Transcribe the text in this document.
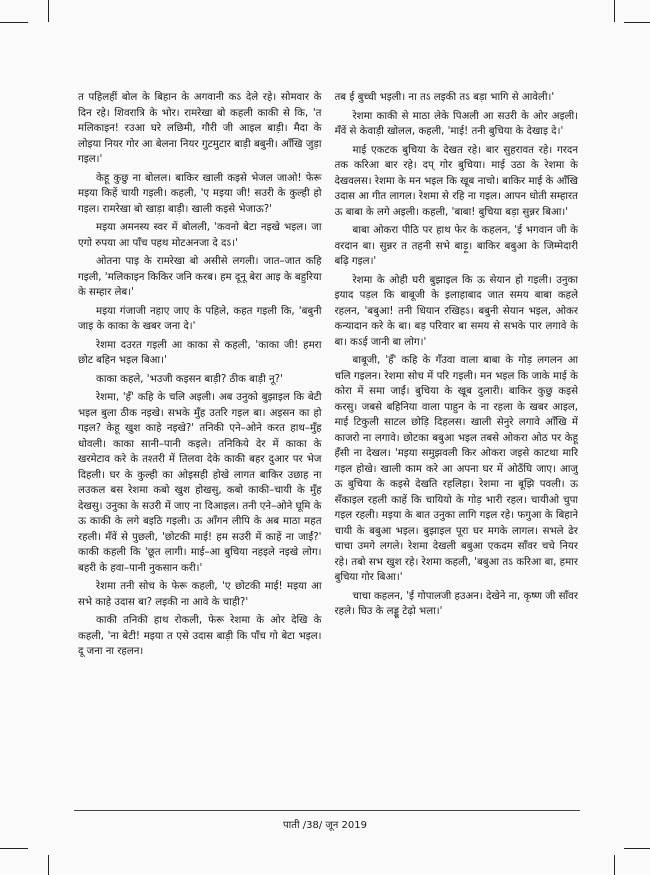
त पहिलहीं बोल के बिहान के अगवानी कऽ देले रहे। सोमवार के दिन रहे। शिवरात्रि के भोर। रामरेखा बो कहली काकी से कि, 'त मलिकाइन! रउआ घरे लछिमी, गौरी जी आइल बाड़ी। मैदा के लोइया नियर गोर आ बेलना नियर गुटमुटार बाड़ी बबुनी। आँखि जुड़ा गइल।'

केहू कुछु ना बोलल। बाकिर खाली कइसे भेजल जाओ! फेरू मइया किहें चायी गइली। कहली, 'ए मइया जी! सउरी के कुल्ही हो गइल। रामरेखा बो खाड़ा बाड़ी। खाली कइसे भेजाऊ?'

मइया अमनस्य स्वर में बोलली, 'कवनो बेटा नइखे भइल। जा एगो रुपया आ पाँच पहथ मोटअनजा दे दऽ।'

ओतना पाइ के रामरेखा बो असीसे लगली। जात–जात कहि गइली, 'मलिकाइन किकिर जनि करब। हम दूनू बेरा आइ के बहुरिया के सम्हार लेब।'

मइया गंजाजी नहाए जाए के पहिले, कहत गइली कि, 'बबुनी जाइ के काका के खबर जना दे।'

रेशमा दउरत गइली आ काका से कहली, 'काका जी! हमरा छोट बहिन भइल बिआ।'

काका कहले, 'भउजी कइसन बाड़ी? ठीक बाड़ी नू?'

रेशमा, 'हँ' कहि के चलि अइली। अब उनुको बुझाइल कि बेटी भइल बुला ठीक नइखे। सभके मुँह उतरि गइल बा। अइसन का हो गइल? केहू खुश काहे नइखे?' तनिकी एने–ओने करत हाथ–मुँह धोवली। काका सानी–पानी कइले। तनिकिये देर में काका के खरमेटाव करे के तश्तरी में तिलवा देके काकी बहर दुआर पर भेज दिहली। घर के कुल्ही का ओइसही होखे लागत बाकिर उछाह ना लउकल बस रेशमा कबो खुश होखसु, कबो काकी–चायी के मुँह देखसु। उनुका के सउरी में जाए ना दिआइल। तनी एने–ओने घूमि के ऊ काकी के लगे बइठि गइली। ऊ आँगन लीपि के अब माठा महत रहली। मँवें से पुछली, 'छोटकी माई! हम सउरी में काहें ना जाईं?' काकी कहली कि 'छूत लागी। माई–आ बुचिया नहइले नइखे लोग। बहरी के हवा–पानी नुकसान करी।'

रेशमा तनी सोच के फेरू कहली, 'ए छोटकी माई! मइया आ सभे काहे उदास बा? लइकी ना आवे के चाही?'

काकी तनिकी हाथ रोकली, फेरू रेशमा के ओर देखि के कहली, 'ना बेटी! मइया त एसे उदास बाड़ी कि पाँच गो बेटा भइल। दू जना ना रहलन।

तब ई बुच्ची भइली। ना तऽ लइकी तऽ बड़ा भागि से आवेली।'

रेशमा काकी से माठा लेके पिअली आ सउरी के ओर अइली। मँवें से केवाड़ी खोलल, कहली, 'माई! तनी बुचिया के देखाइ दे।'

माई एकटक बुचिया के देखत रहे। बार सुहरावत रहे। गरदन तक करिआ बार रहे। दप् गोर बुचिया। माई उठा के रेशमा के देखवलस। रेशमा के मन भइल कि खूब नाचो। बाकिर माई के आँखि उदास आ गीत लागल। रेशमा से रहि ना गइल। आपन धोती सम्हारत ऊ बाबा के लगे अइली। कहली, 'बाबा! बुचिया बड़ा सुन्नर बिआ।'

बाबा ओकरा पीठि पर हाथ फेर के कहलन, 'ई भगवान जी के वरदान बा। सुन्नर त तहनी सभे बाड़ू। बाकिर बबुआ के जिम्मेदारी बढ़ि गइल।'

रेशमा के ओही घरी बुझाइल कि ऊ सेयान हो गइली। उनुका इयाद पड़ल कि बाबूजी के इलाहाबाद जात समय बाबा कहले रहलन, 'बबुआ! तनी धियान रखिहऽ। बबुनी सेयान भइल, ओकर कन्यादान करे के बा। बड़ परिवार बा समय से सभके पार लगावे के बा। कऽई जानी बा लोग।'

बाबूजी, 'हँ' कहि के गँउवा वाला बाबा के गोड़ लगलन आ चलि गइलन। रेशमा सोच में परि गइली। मन भइल कि जाके माई के कोरा में समा जाईं। बुचिया के खूब दुलारी। बाकिर कुछु कइसे करसु। जबसे बहिनिया वाला पाहुन के ना रहला के खबर आइल, माई टिकुली साटल छोड़ि दिहलस। खाली सेनुरे लगावे आँखि में काजरो ना लगावे। छोटका बबुआ भइल तबसे ओकरा ओठ पर केहू हँसी ना देखल। 'मइया समुझवली किर ओकरा जइसे काटथा मारि गइल होखे। खाली काम करे आ अपना घर में ओठँघि जाए। आजु ऊ बुचिया के कइसे देखति रहलिहा। रेशमा ना बूझि पवली। ऊ सँकाइल रहली काहें कि चायियो के गोड़ भारी रहल। चायीओ चुपा गइल रहली। मइया के बात उनुका लागि गइल रहे। फगुआ के बिहाने चायी के बबुआ भइल। बुझाइल पूरा घर मगके लागल। सभले ढेर चाचा उमगे लगले। रेशमा देखली बबुआ एकदम साँवर चचे नियर रहे। तबो सभ खुश रहे। रेशमा कहली, 'बबुआ तऽ करिआ बा, हमार बुचिया गोर बिआ।'

चाचा कहलन, 'ई गोपालजी हउअन। देखेने ना, कृष्ण जी साँवर रहले। घिउ के लड्डू टेढ़ो भला।'

पाती /38/ जून 2019
